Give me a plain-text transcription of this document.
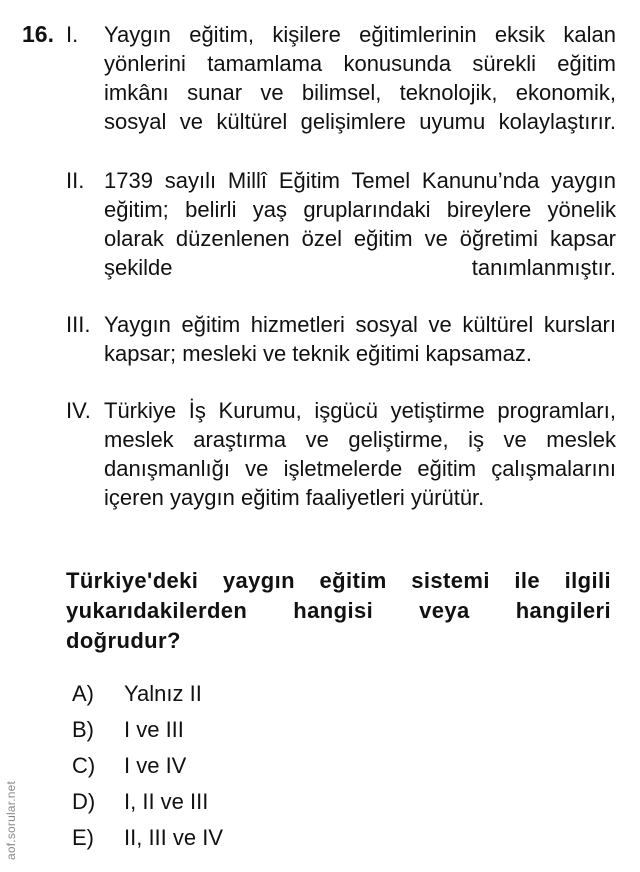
16. I.	Yaygın eğitim, kişilere eğitimlerinin eksik kalan yönlerini tamamlama konusunda sürekli eğitim imkânı sunar ve bilimsel, teknolojik, ekonomik, sosyal ve kültürel gelişimlere uyumu kolaylaştırır.
II. 1739 sayılı Millî Eğitim Temel Kanunu’nda yaygın eğitim; belirli yaş gruplarındaki bireylere yönelik olarak düzenlenen özel eğitim ve öğretimi kapsar şekilde tanımlanmıştır.
III. Yaygın eğitim hizmetleri sosyal ve kültürel kursları kapsar; mesleki ve teknik eğitimi kapsamaz.
IV. Türkiye İş Kurumu, işgücü yetiştirme programları, meslek araştırma ve geliştirme, iş ve meslek danışmanlığı ve işletmelerde eğitim çalışmalarını içeren yaygın eğitim faaliyetleri yürütür.
Türkiye'deki yaygın eğitim sistemi ile ilgili yukarıdakilerden hangisi veya hangileri doğrudur?
A)	Yalnız II
B)	I ve III
C)	I ve IV
D)	I, II ve III
E)	II, III ve IV
aof.sorular.net
